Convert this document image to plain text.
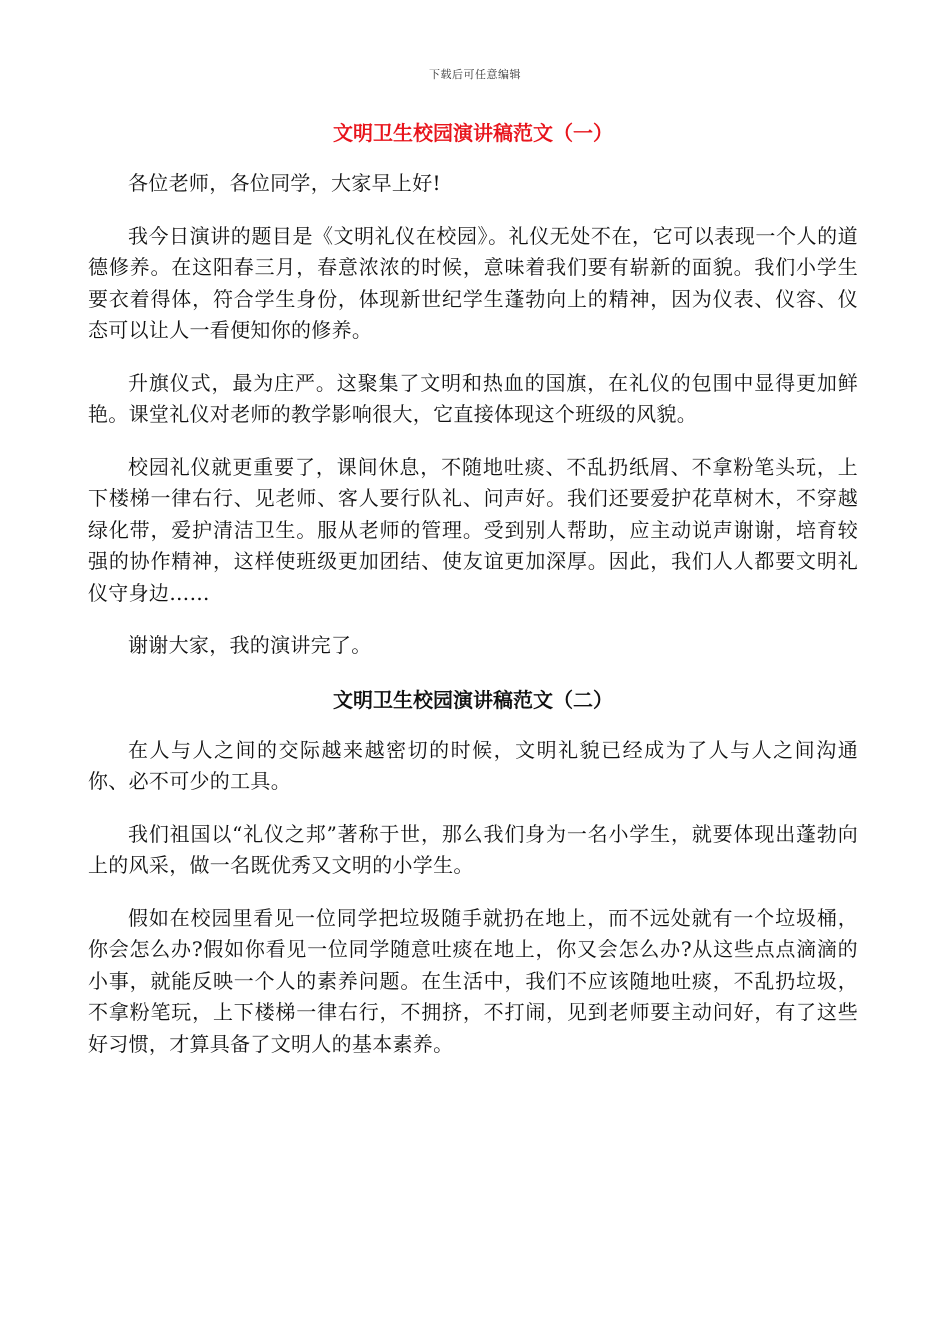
下载后可任意编辑
文明卫生校园演讲稿范文（一）

各位老师，各位同学，大家早上好!

我今日演讲的题目是《文明礼仪在校园》。礼仪无处不在，它可以表现一个人的道德修养。在这阳春三月，春意浓浓的时候，意味着我们要有崭新的面貌。我们小学生要衣着得体，符合学生身份，体现新世纪学生蓬勃向上的精神，因为仪表、仪容、仪态可以让人一看便知你的修养。

升旗仪式，最为庄严。这聚集了文明和热血的国旗，在礼仪的包围中显得更加鲜艳。课堂礼仪对老师的教学影响很大，它直接体现这个班级的风貌。

校园礼仪就更重要了，课间休息，不随地吐痰、不乱扔纸屑、不拿粉笔头玩，上下楼梯一律右行、见老师、客人要行队礼、问声好。我们还要爱护花草树木，不穿越绿化带，爱护清洁卫生。服从老师的管理。受到别人帮助，应主动说声谢谢，培育较强的协作精神，这样使班级更加团结、使友谊更加深厚。因此，我们人人都要文明礼仪守身边……

谢谢大家，我的演讲完了。

文明卫生校园演讲稿范文（二）

在人与人之间的交际越来越密切的时候，文明礼貌已经成为了人与人之间沟通你、必不可少的工具。

我们祖国以“礼仪之邦”著称于世，那么我们身为一名小学生，就要体现出蓬勃向上的风采，做一名既优秀又文明的小学生。

假如在校园里看见一位同学把垃圾随手就扔在地上，而不远处就有一个垃圾桶，你会怎么办?假如你看见一位同学随意吐痰在地上，你又会怎么办?从这些点点滴滴的小事，就能反映一个人的素养问题。在生活中，我们不应该随地吐痰，不乱扔垃圾，不拿粉笔玩，上下楼梯一律右行，不拥挤，不打闹，见到老师要主动问好，有了这些好习惯，才算具备了文明人的基本素养。
